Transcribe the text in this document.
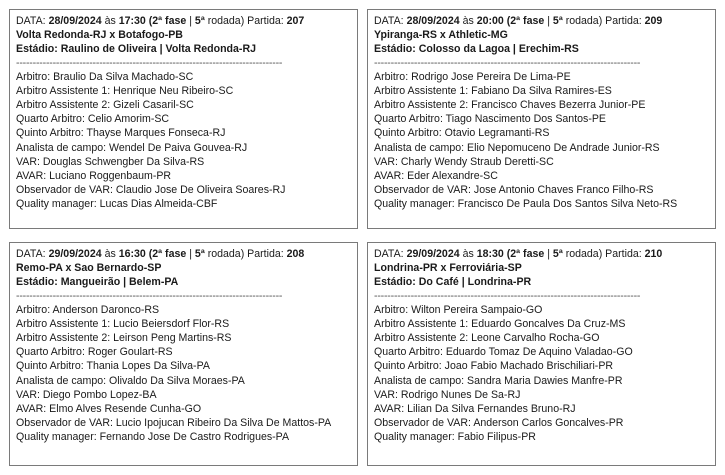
DATA: 28/09/2024 às 17:30 (2ª fase | 5ª rodada) Partida: 207
Volta Redonda-RJ x Botafogo-PB
Estádio: Raulino de Oliveira | Volta Redonda-RJ
--------------------------------------------------------------------------------
Arbitro: Braulio Da Silva Machado-SC
Arbitro Assistente 1: Henrique Neu Ribeiro-SC
Arbitro Assistente 2: Gizeli Casaril-SC
Quarto Arbitro: Celio Amorim-SC
Quinto Arbitro: Thayse Marques Fonseca-RJ
Analista de campo: Wendel De Paiva Gouvea-RJ
VAR: Douglas Schwengber Da Silva-RS
AVAR: Luciano Roggenbaum-PR
Observador de VAR: Claudio Jose De Oliveira Soares-RJ
Quality manager: Lucas Dias Almeida-CBF
DATA: 28/09/2024 às 20:00 (2ª fase | 5ª rodada) Partida: 209
Ypiranga-RS x Athletic-MG
Estádio: Colosso da Lagoa | Erechim-RS
--------------------------------------------------------------------------------
Arbitro: Rodrigo Jose Pereira De Lima-PE
Arbitro Assistente 1: Fabiano Da Silva Ramires-ES
Arbitro Assistente 2: Francisco Chaves Bezerra Junior-PE
Quarto Arbitro: Tiago Nascimento Dos Santos-PE
Quinto Arbitro: Otavio Legramanti-RS
Analista de campo: Elio Nepomuceno De Andrade Junior-RS
VAR: Charly Wendy Straub Deretti-SC
AVAR: Eder Alexandre-SC
Observador de VAR: Jose Antonio Chaves Franco Filho-RS
Quality manager: Francisco De Paula Dos Santos Silva Neto-RS
DATA: 29/09/2024 às 16:30 (2ª fase | 5ª rodada) Partida: 208
Remo-PA x Sao Bernardo-SP
Estádio: Mangueirão | Belem-PA
--------------------------------------------------------------------------------
Arbitro: Anderson Daronco-RS
Arbitro Assistente 1: Lucio Beiersdorf Flor-RS
Arbitro Assistente 2: Leirson Peng Martins-RS
Quarto Arbitro: Roger Goulart-RS
Quinto Arbitro: Thania Lopes Da Silva-PA
Analista de campo: Olivaldo Da Silva Moraes-PA
VAR: Diego Pombo Lopez-BA
AVAR: Elmo Alves Resende Cunha-GO
Observador de VAR: Lucio Ipojucan Ribeiro Da Silva De Mattos-PA
Quality manager: Fernando Jose De Castro Rodrigues-PA
DATA: 29/09/2024 às 18:30 (2ª fase | 5ª rodada) Partida: 210
Londrina-PR x Ferroviária-SP
Estádio: Do Café | Londrina-PR
--------------------------------------------------------------------------------
Arbitro: Wilton Pereira Sampaio-GO
Arbitro Assistente 1: Eduardo Goncalves Da Cruz-MS
Arbitro Assistente 2: Leone Carvalho Rocha-GO
Quarto Arbitro: Eduardo Tomaz De Aquino Valadao-GO
Quinto Arbitro: Joao Fabio Machado Brischiliari-PR
Analista de campo: Sandra Maria Dawies Manfre-PR
VAR: Rodrigo Nunes De Sa-RJ
AVAR: Lilian Da Silva Fernandes Bruno-RJ
Observador de VAR: Anderson Carlos Goncalves-PR
Quality manager: Fabio Filipus-PR
